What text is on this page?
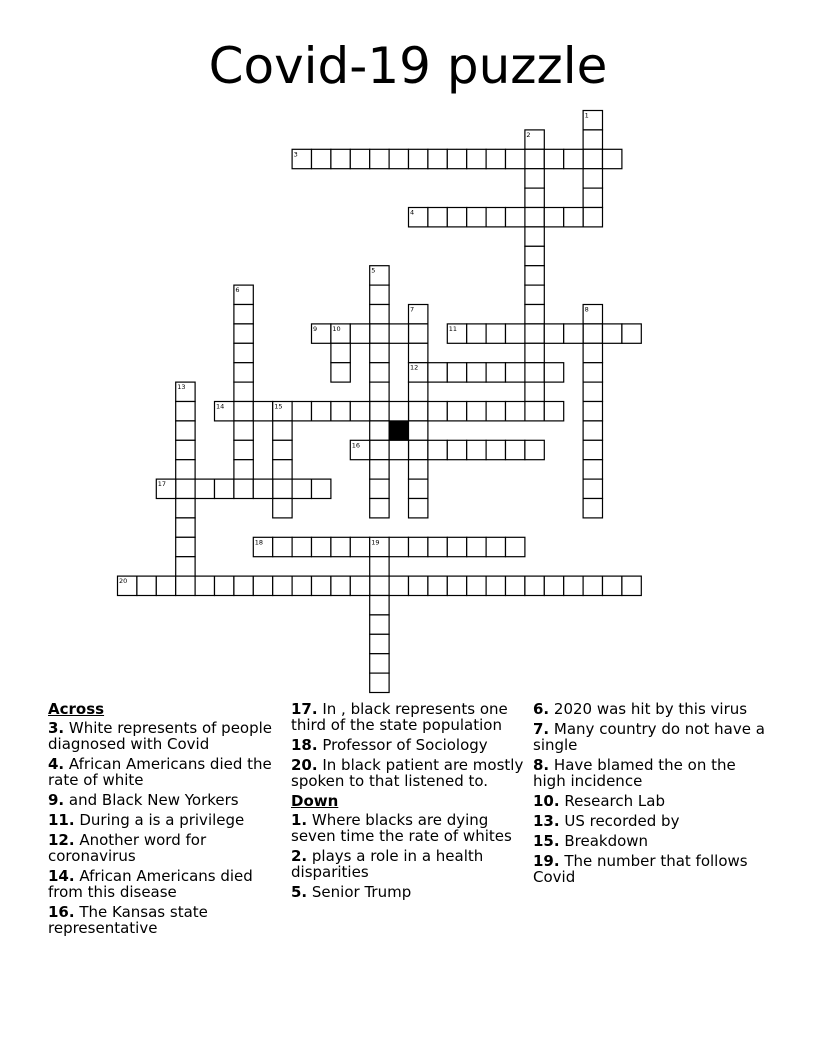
Covid-19 puzzle
1
2
3
4
5
6
7
12
8
9 10	11
13
14	15
16
17
18	19
20
Across
3. White represents of people diagnosed with Covid
4. African Americans died the rate of white
9. and Black New Yorkers
11. During a is a privilege
12. Another word for coronavirus
14. African Americans died from this disease
16. The Kansas state representative
17. In , black represents one third of the state population
18. Professor of Sociology
20. In black patient are mostly spoken to that listened to.
Down
1. Where blacks are dying seven time the rate of whites
2. plays a role in a health disparities
5. Senior Trump
6. 2020 was hit by this virus
7. Many country do not have a single
8. Have blamed the on the high incidence
10. Research Lab
13. US recorded by
15. Breakdown
19. The number that follows Covid
